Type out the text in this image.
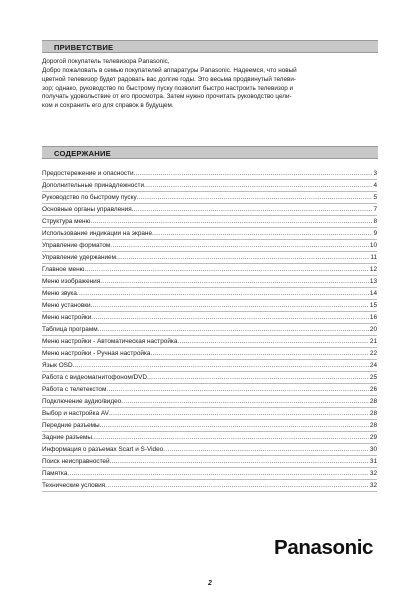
ПРИВЕТСТВИЕ

Дорогой покупатель телевизора Panasonic,

Добро пожаловать в семью покупателей аппаратуры Panasonic. Надеемся, что новый

цветной телевизор будет радовать вас долгие годы. Это весьма продвинутый телеви-

зор; однако, руководство по быстрому пуску позволит быстро настроить телевизор и

получать удовольствие от его просмотра. Затем нужно прочитать руководство цели-

ком и сохранить его для справок в будущем.

СОДЕРЖАНИЕ
Предостережение и опасности .....	3
Дополнительные принадлежности .....	4
Руководство по быстрому пуску .....	5
Основные органы управления .....	7
Структура меню .....	8
Использование индикации на экране .....	9
Управление форматом .....	10
Управление удержанием .....	11
Главное меню .....	12
Меню изображения .....	13
Меню звука .....	14
Меню установки .....	15
Меню настройки .....	16
Таблица программ .....	20
Меню настройки - Автоматическая настройка .....	21
Меню настройки - Ручная настройка .....	22
Язык OSD .....	24
Работа с видеомагнитофоном/DVD .....	25
Работа с телетекстом .....	26
Подключение аудио/видео .....	28
Выбор и настройка AV .....	28
Передние разъемы .....	28
Задние разъемы .....	29
Информация о разъемах Scart и S-Video .....	30
Поиск неисправностей .....	31
Памятка .....	32
Технические условия .....	32
Panasonic
2
